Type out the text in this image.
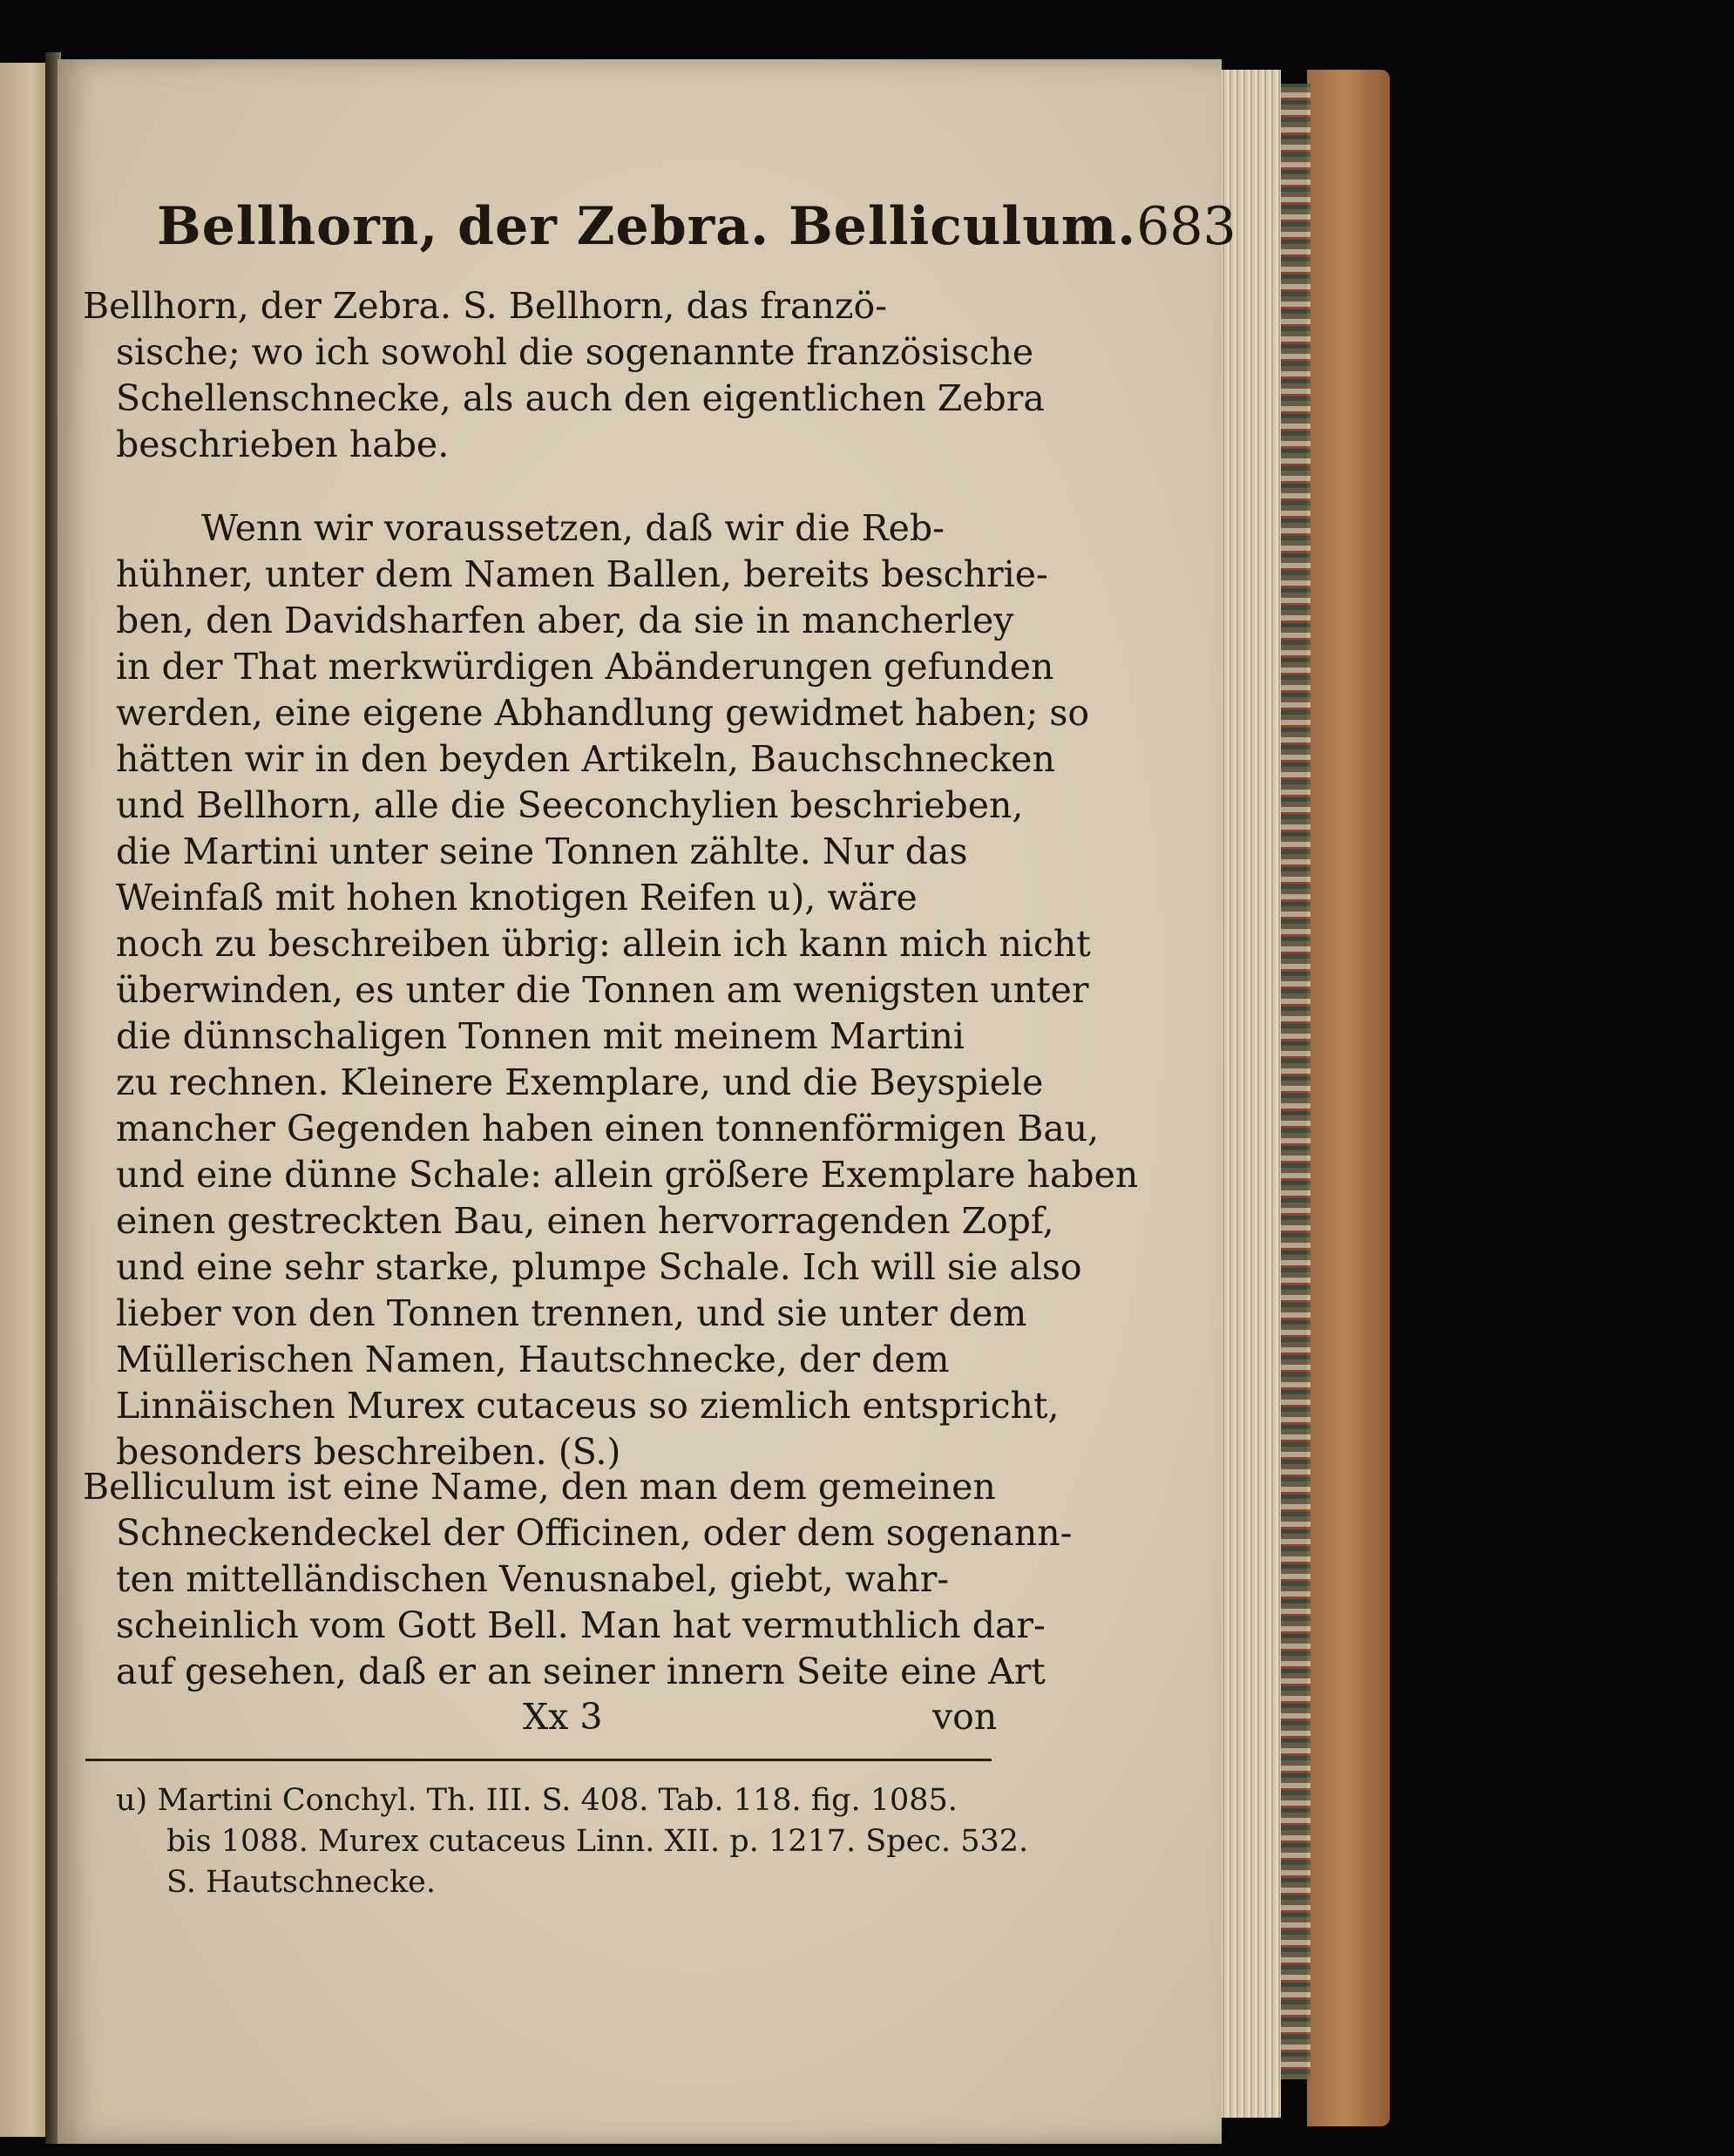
Bellhorn, der Zebra. Belliculum. 683

Bellhorn, der Zebra. S. Bellhorn, das franzö-
sische; wo ich sowohl die sogenannte französische
Schellenschnecke, als auch den eigentlichen Zebra
beschrieben habe.

Wenn wir voraussetzen, daß wir die Reb-
hühner, unter dem Namen Ballen, bereits beschrie-
ben, den Davidsharfen aber, da sie in mancherley
in der That merkwürdigen Abänderungen gefunden
werden, eine eigene Abhandlung gewidmet haben; so
hätten wir in den beyden Artikeln, Bauchschnecken
und Bellhorn, alle die Seeconchylien beschrieben,
die Martini unter seine Tonnen zählte. Nur das
Weinfaß mit hohen knotigen Reifen u), wäre
noch zu beschreiben übrig: allein ich kann mich nicht
überwinden, es unter die Tonnen am wenigsten unter
die dünnschaligen Tonnen mit meinem Martini
zu rechnen. Kleinere Exemplare, und die Beyspiele
mancher Gegenden haben einen tonnenförmigen Bau,
und eine dünne Schale: allein größere Exemplare haben
einen gestreckten Bau, einen hervorragenden Zopf,
und eine sehr starke, plumpe Schale. Ich will sie also
lieber von den Tonnen trennen, und sie unter dem
Müllerischen Namen, Hautschnecke, der dem
Linnäischen Murex cutaceus so ziemlich entspricht,
besonders beschreiben. (S.)

Belliculum ist eine Name, den man dem gemeinen
Schneckendeckel der Officinen, oder dem sogenann-
ten mittelländischen Venusnabel, giebt, wahr-
scheinlich vom Gott Bell. Man hat vermuthlich dar-
auf gesehen, daß er an seiner innern Seite eine Art

Xx 3	von
u) Martini Conchyl. Th. III. S. 408. Tab. 118. fig. 1085.
bis 1088. Murex cutaceus Linn. XII. p. 1217. Spec. 532.
S. Hautschnecke.
